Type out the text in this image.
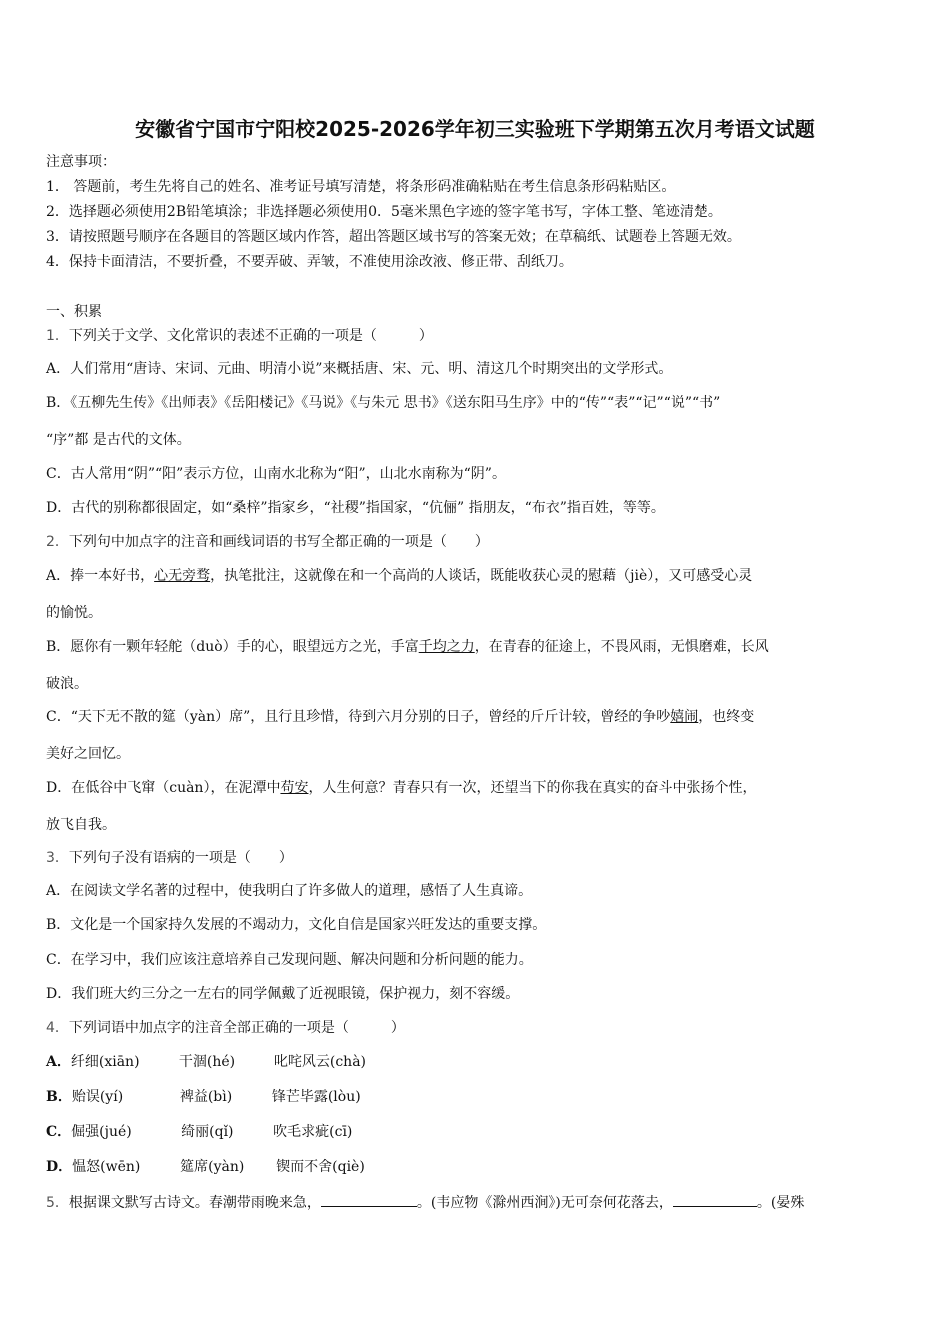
安徽省宁国市宁阳校2025-2026学年初三实验班下学期第五次月考语文试题
注意事项：
1． 答题前，考生先将自己的姓名、准考证号填写清楚，将条形码准确粘贴在考生信息条形码粘贴区。
2．选择题必须使用2B铅笔填涂；非选择题必须使用0．5毫米黑色字迹的签字笔书写，字体工整、笔迹清楚。
3．请按照题号顺序在各题目的答题区域内作答，超出答题区域书写的答案无效；在草稿纸、试题卷上答题无效。
4．保持卡面清洁，不要折叠，不要弄破、弄皱，不准使用涂改液、修正带、刮纸刀。
一、积累
1．下列关于文学、文化常识的表述不正确的一项是（　　　）
A．人们常用“唐诗、宋词、元曲、明清小说”来概括唐、宋、元、明、清这几个时期突出的文学形式。
B．《五柳先生传》《出师表》《岳阳楼记》《马说》《与朱元 思书》《送东阳马生序》中的“传”“表”“记”“说”“书”
“序”都 是古代的文体。
C．古人常用“阴”“阳”表示方位，山南水北称为“阳”，山北水南称为“阴”。
D．古代的别称都很固定，如“桑梓”指家乡，“社稷”指国家，“伉俪” 指朋友，“布衣”指百姓，等等。
2．下列句中加点字的注音和画线词语的书写全都正确的一项是（　　）
A．捧一本好书，心无旁骛，执笔批注，这就像在和一个高尚的人谈话，既能收获心灵的慰藉（jiè），又可感受心灵
的愉悦。
B．愿你有一颗年轻舵（duò）手的心，眼望远方之光，手富千均之力，在青春的征途上，不畏风雨，无惧磨难，长风
破浪。
C．“天下无不散的筵（yàn）席”，且行且珍惜，待到六月分别的日子，曾经的斤斤计较，曾经的争吵嬉闹，也终变
美好之回忆。
D．在低谷中飞窜（cuàn），在泥潭中苟安，人生何意？青春只有一次，还望当下的你我在真实的奋斗中张扬个性，
放飞自我。
3．下列句子没有语病的一项是（　　）
A．在阅读文学名著的过程中，使我明白了许多做人的道理，感悟了人生真谛。
B．文化是一个国家持久发展的不竭动力，文化自信是国家兴旺发达的重要支撑。
C．在学习中，我们应该注意培养自己发现问题、解决问题和分析问题的能力。
D．我们班大约三分之一左右的同学佩戴了近视眼镜，保护视力，刻不容缓。
4．下列词语中加点字的注音全部正确的一项是（　　　）
A．纤细(xiān)	干涸(hé)	叱咤风云(chà)
B．贻误(yí)	裨益(bì)	锋芒毕露(lòu)
C．倔强(jué)	绮丽(qǐ)	吹毛求疵(cī)
D．愠怒(wēn)	筵席(yàn) 锲而不舍(qiè)
5．根据课文默写古诗文。春潮带雨晚来急，	。(韦应物《滁州西涧》)无可奈何花落去，	。(晏殊
